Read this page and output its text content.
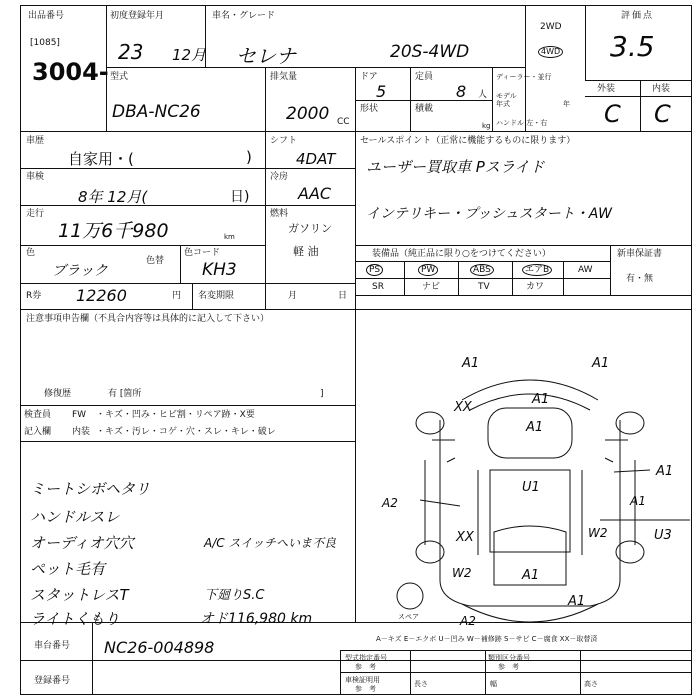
出品番号
[1085]
3004-
初度登録年月
23 12月
車名・グレード
セレナ	20S-4WD
2WD
4WD
評価点
3.5
型式
DBA-NC26
排気量
2000 CC
ドア
5
定員
8 人
形状	積載
kg
ディーラー・並行
モデル
年式	年
ハンドル 左・右
外装	内装
C C
車歴
自家用・(	)
シフト
4DAT
車検
8年 12月(	日)
冷房
AAC
走行
11万6千980	km
燃料
ガソリン
軽 油
色
ブラック
色替
色コード
KH3
R券 12260	円 名変期限	月	日
セールスポイント（正常に機能するものに限ります）
ユーザー買取車 Pスライド
インテリキー・プッシュスタート・AW
装備品（純正品に限り○をつけてください）	新車保証書
PS	PW	ABS	エアB	AW
SR	ナビ	TV	カワ
有・無
注意事項申告欄（不具合内容等は具体的に記入して下さい）
修復歴	有 [箇所	]
検査員
記入欄
FW ・キズ・凹み・ヒビ割・リペア跡・X要
内装 ・キズ・汚レ・コゲ・穴・スレ・キレ・破レ
ミートシボヘタリ
ハンドルスレ
オーディオ穴穴
ペット毛有
スタットレスT
ライトくもり
A/C スイッチへいま不良
下廻りS.C
オド116,980 km
A1	A1
A1
A1
XX
U1
A1
A1
A2
U3
W2
XX
W2	A1
A1
A2
スペア
A－キズ E－エクボ U－凹み W－補修跡 S－サビ C－腐食 XX－取替済
車台番号 NC26-004898
登録番号
型式指定番号
参　考
類別区分番号
参　考
車検証明用
参　考
長さ	幅	高さ
